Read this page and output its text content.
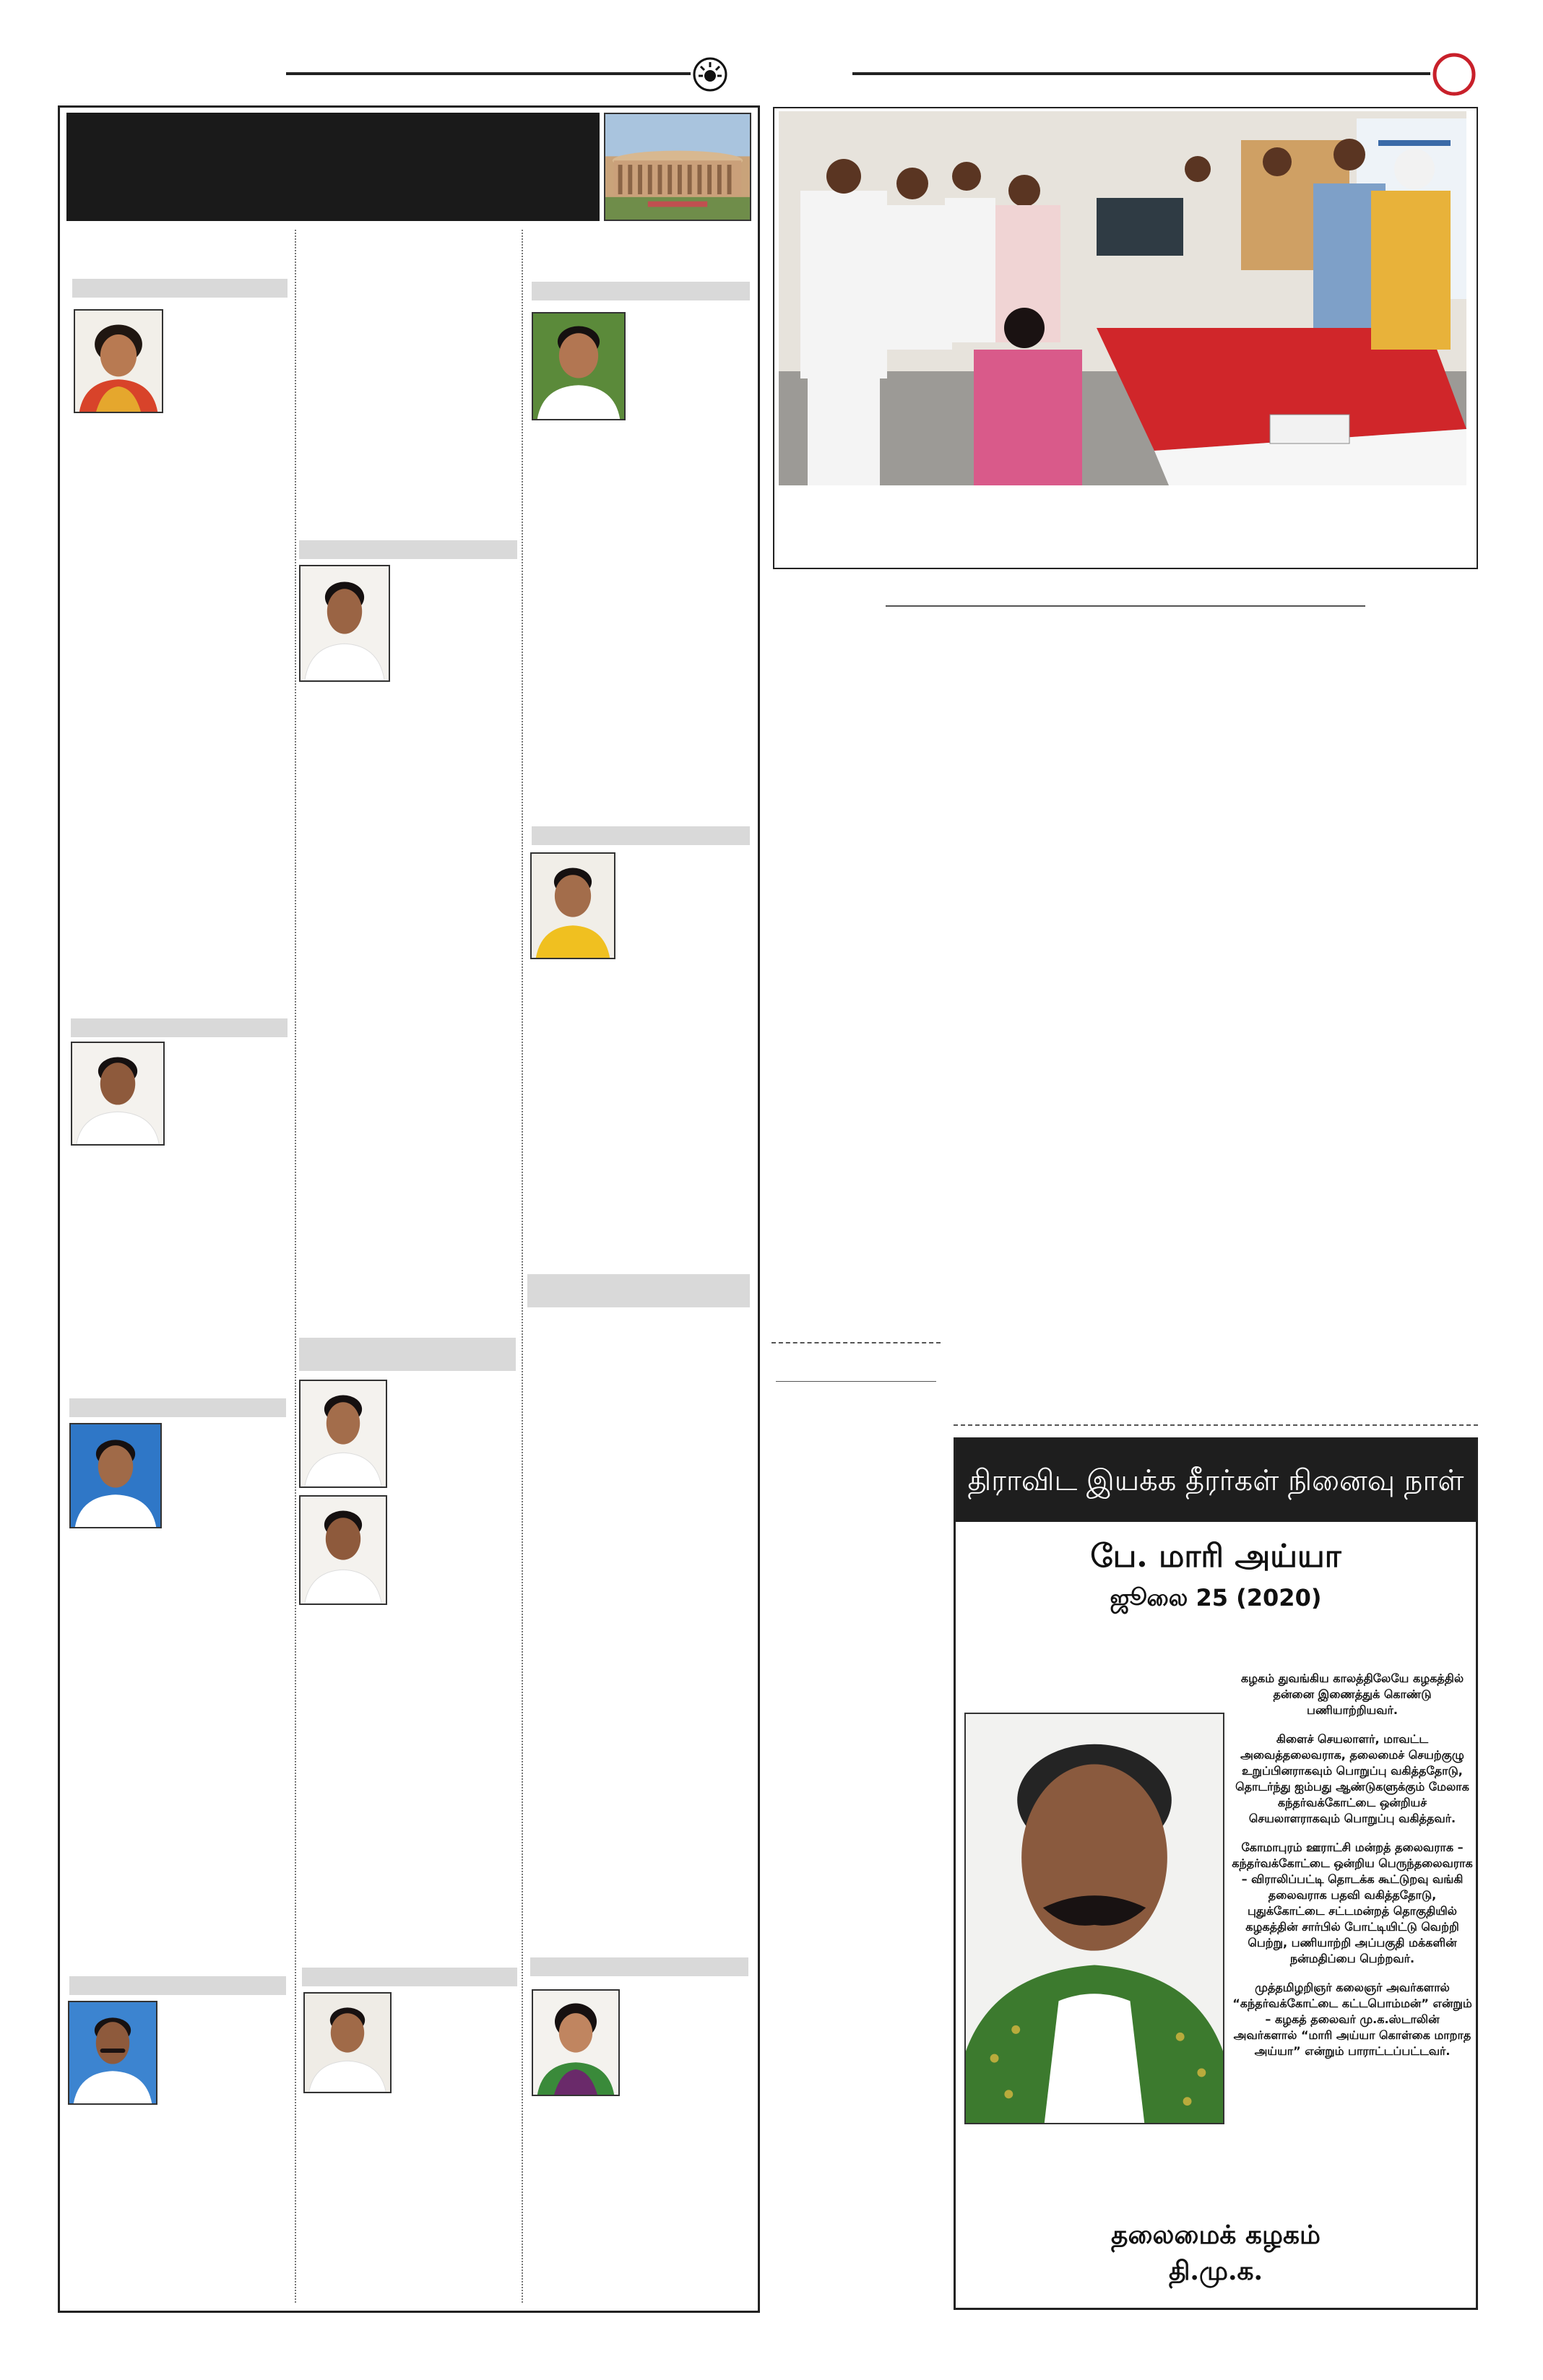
திராவிட இயக்க தீரர்கள் நினைவு நாள்
பே. மாரி அய்யா
ஜூலை 25 (2020)

கழகம் துவங்கிய காலத்திலேயே கழகத்தில் தன்னை இணைத்துக் கொண்டு பணியாற்றியவர்.

கிளைச் செயலாளர், மாவட்ட அவைத்தலைவராக, தலைமைச் செயற்குழு உறுப்பினராகவும் பொறுப்பு வகித்ததோடு, தொடர்ந்து ஐம்பது ஆண்டுகளுக்கும் மேலாக கந்தர்வக்கோட்டை ஒன்றியச் செயலாளராகவும் பொறுப்பு வகித்தவர்.

கோமாபுரம் ஊராட்சி மன்றத் தலைவராக – கந்தர்வக்கோட்டை ஒன்றிய பெருந்தலைவராக – விராலிப்பட்டி தொடக்க கூட்டுறவு வங்கி தலைவராக பதவி வகித்ததோடு, புதுக்கோட்டை சட்டமன்றத் தொகுதியில் கழகத்தின் சார்பில் போட்டியிட்டு வெற்றி பெற்று, பணியாற்றி அப்பகுதி மக்களின் நன்மதிப்பை பெற்றவர்.

முத்தமிழறிஞர் கலைஞர் அவர்களால் “கந்தர்வக்கோட்டை கட்டபொம்மன்” என்றும் – கழகத் தலைவர் மு.க.ஸ்டாலின் அவர்களால் “மாரி அய்யா கொள்கை மாறாத அய்யா” என்றும் பாராட்டப்பட்டவர்.

தலைமைக் கழகம்
தி.மு.க.
